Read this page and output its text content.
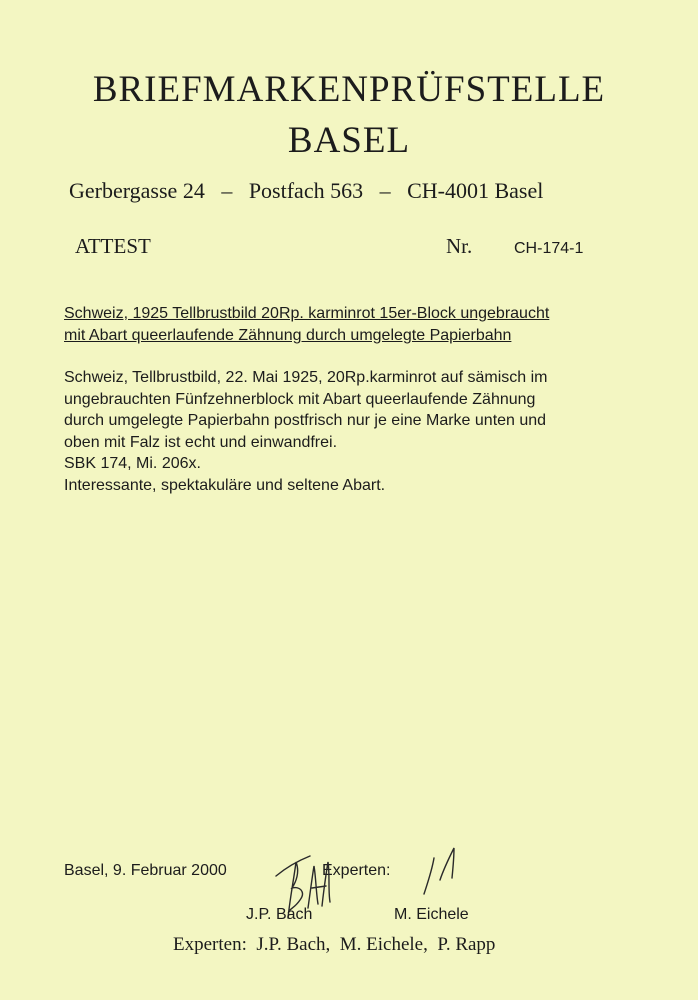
BRIEFMARKENPRÜFSTELLE
BASEL
Gerbergasse 24   –   Postfach 563   –   CH-4001 Basel
ATTEST	Nr.	CH-174-1
Schweiz, 1925 Tellbrustbild 20Rp. karminrot 15er-Block ungebraucht
mit Abart queerlaufende Zähnung durch umgelegte Papierbahn
Schweiz, Tellbrustbild, 22. Mai 1925, 20Rp.karminrot auf sämisch im
ungebrauchten Fünfzehnerblock mit Abart queerlaufende Zähnung
durch umgelegte Papierbahn postfrisch nur je eine Marke unten und
oben mit Falz ist echt und einwandfrei.
SBK 174, Mi. 206x.
Interessante, spektakuläre und seltene Abart.
Basel, 9. Februar 2000	Experten:
J.P. Bach	M. Eichele
Experten:  J.P. Bach,  M. Eichele,  P. Rapp
